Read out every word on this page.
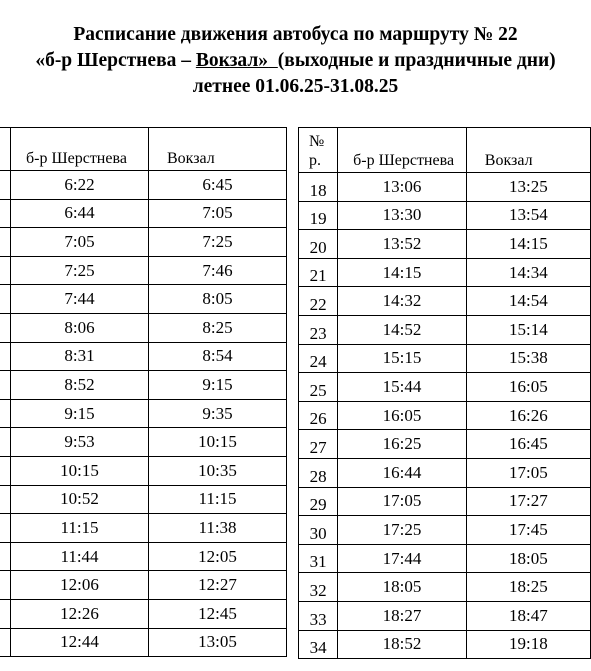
Расписание движения автобуса по маршруту № 22
«б-р Шерстнева – Вокзал» (выходные и праздничные дни)
летнее 01.06.25-31.08.25
	б-р Шерстнева	Вокзал
	6:22	6:45
	6:44	7:05
	7:05	7:25
	7:25	7:46
	7:44	8:05
	8:06	8:25
	8:31	8:54
	8:52	9:15
	9:15	9:35
	9:53	10:15
	10:15	10:35
	10:52	11:15
	11:15	11:38
	11:44	12:05
	12:06	12:27
	12:26	12:45
	12:44	13:05
№
р.	б-р Шерстнева	Вокзал
18	13:06	13:25
19	13:30	13:54
20	13:52	14:15
21	14:15	14:34
22	14:32	14:54
23	14:52	15:14
24	15:15	15:38
25	15:44	16:05
26	16:05	16:26
27	16:25	16:45
28	16:44	17:05
29	17:05	17:27
30	17:25	17:45
31	17:44	18:05
32	18:05	18:25
33	18:27	18:47
34	18:52	19:18
